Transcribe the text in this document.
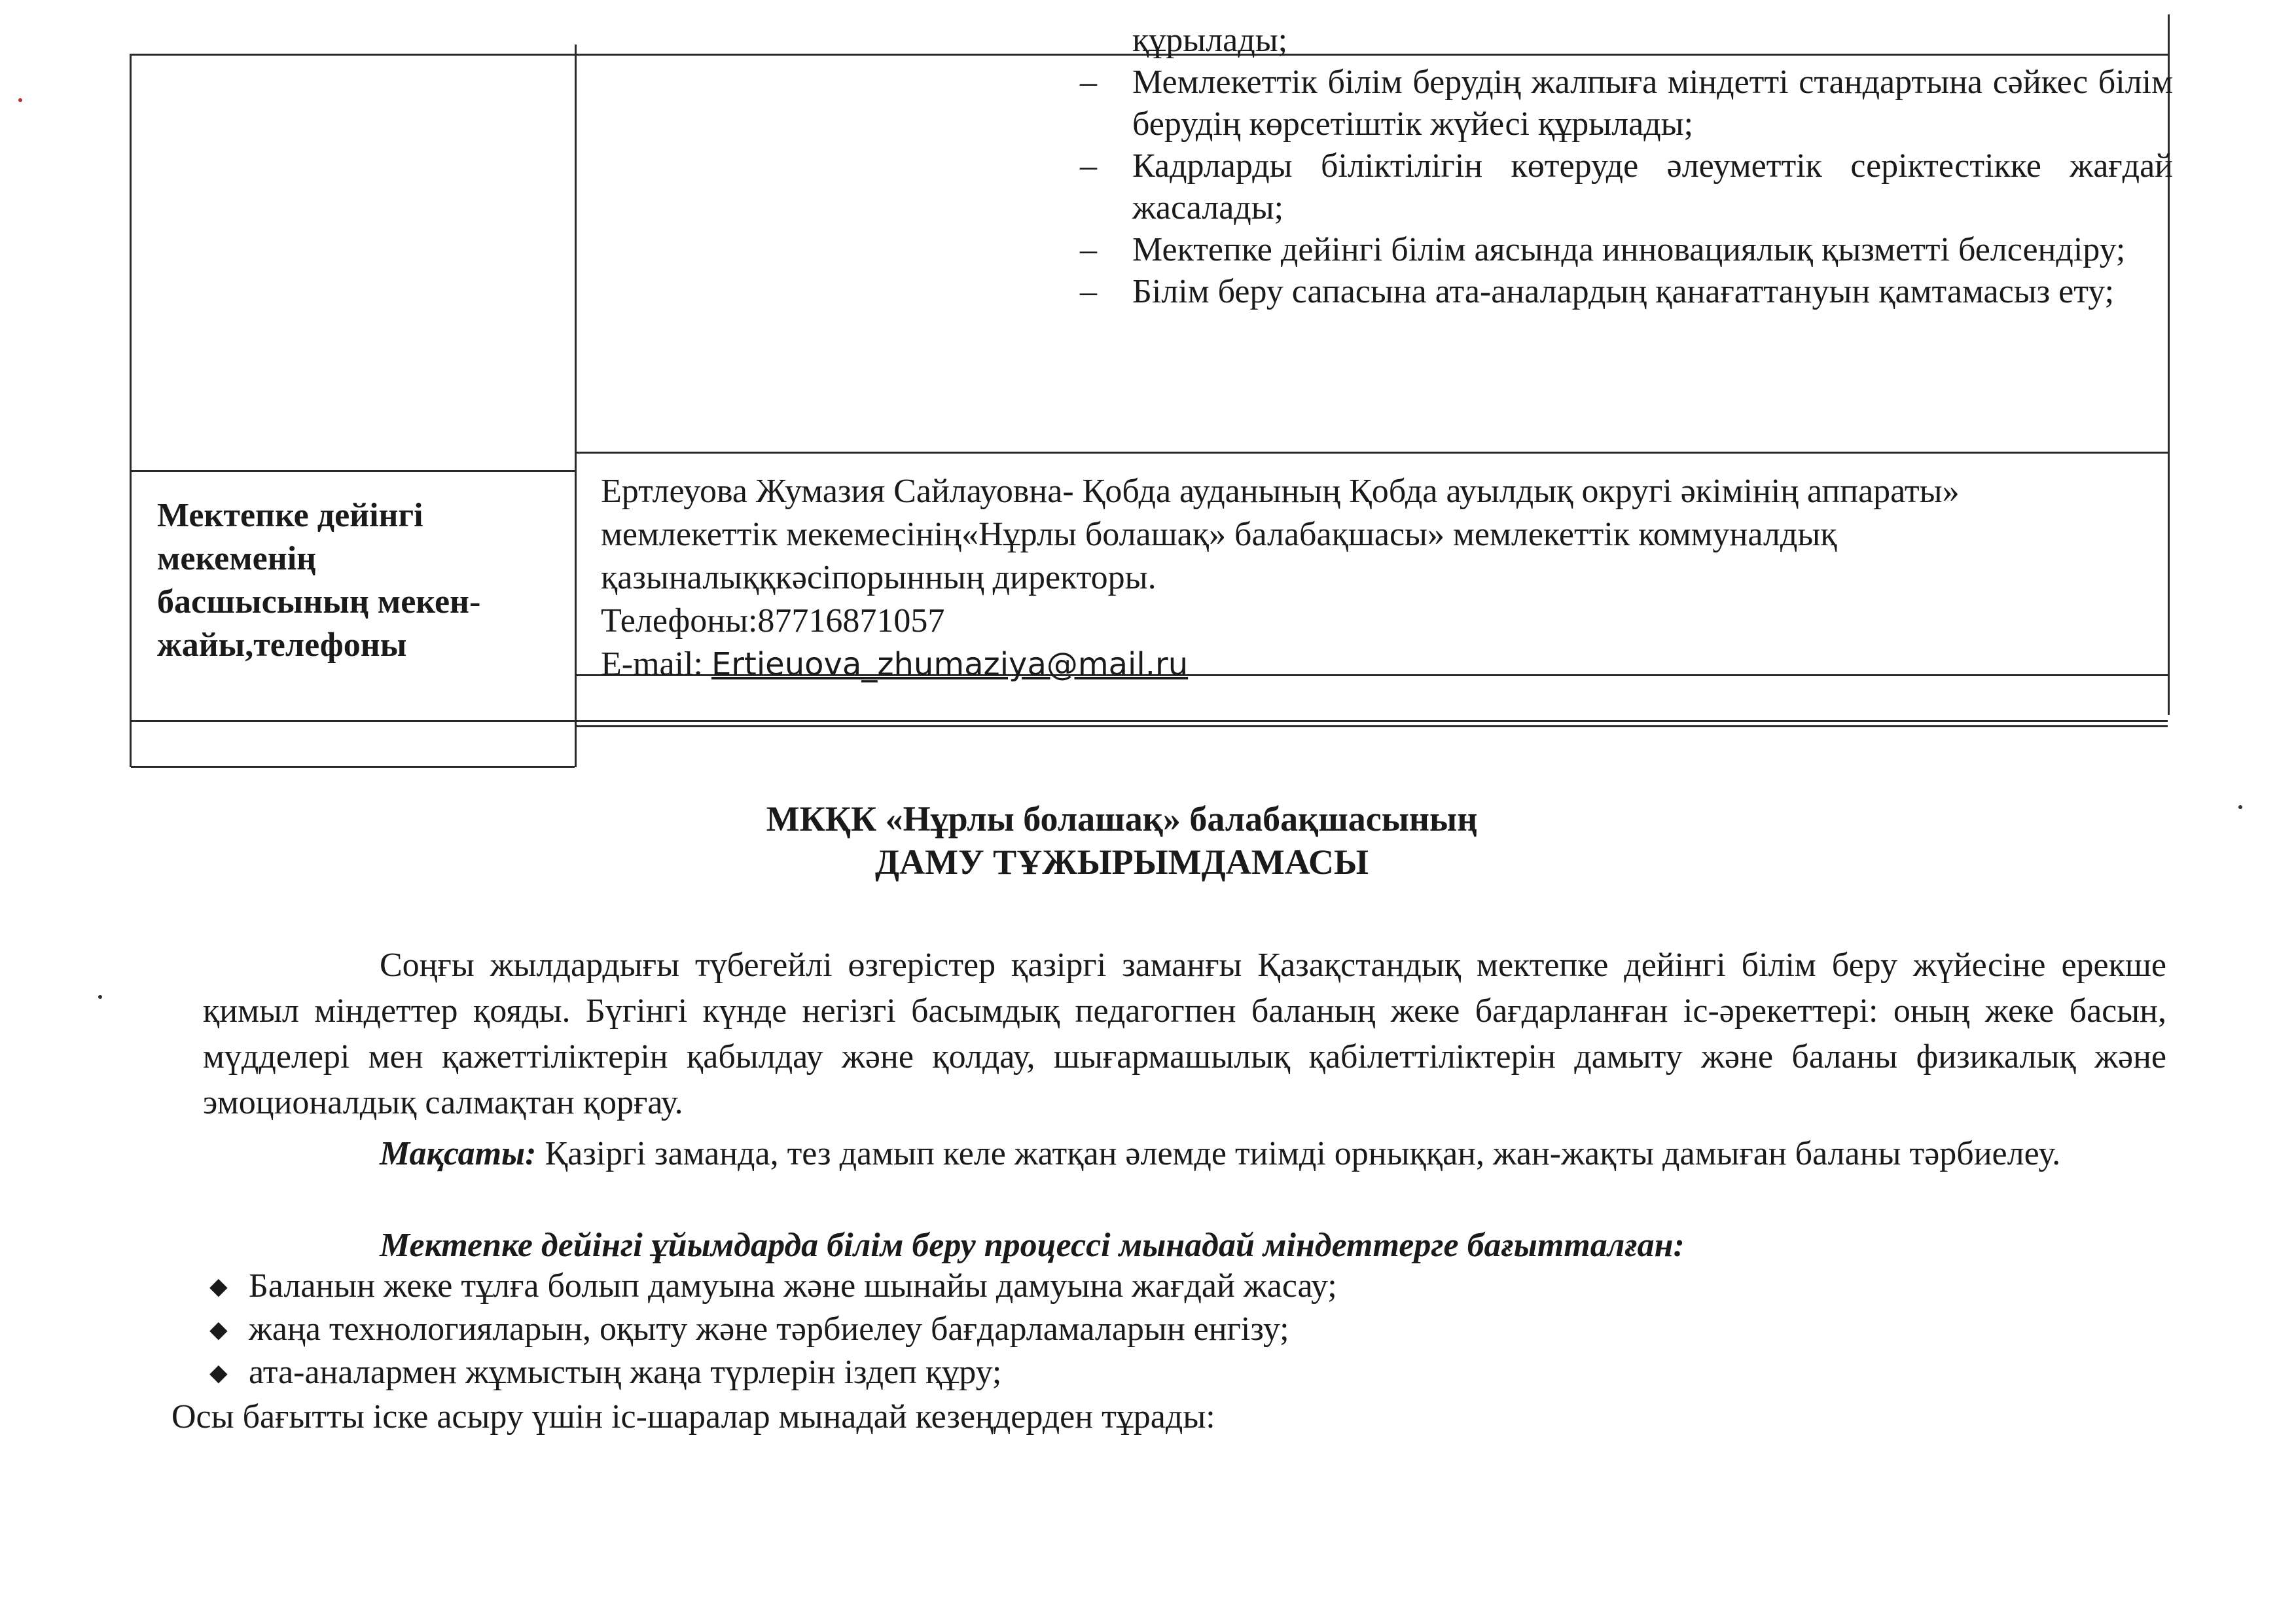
құрылады;
– Мемлекеттік білім берудің жалпыға міндетті стандартына сәйкес білім берудің көрсетіштік жүйесі құрылады;
– Кадрларды біліктілігін көтеруде әлеуметтік серіктестікке жағдай жасалады;
– Мектепке дейінгі білім аясында инновациялық қызметті белсендіру;
– Білім беру сапасына ата-аналардың қанағаттануын қамтамасыз ету;
Мектепке дейінгі
мекеменің
басшысының мекен-
жайы,телефоны
Ертлеуова Жумазия Сайлауовна- Қобда ауданының Қобда ауылдық округі әкімінің аппараты»
мемлекеттік мекемесінің«Нұрлы болашақ» балабақшасы» мемлекеттік коммуналдық
қазыналыққкәсіпорынның директоры.
Телефоны:87716871057
E-mail: Ertieuova_zhumaziya@mail.ru
МКҚК «Нұрлы болашақ» балабақшасының
ДАМУ ТҰЖЫРЫМДАМАСЫ
Соңғы жылдардығы түбегейлі өзгерістер қазіргі заманғы Қазақстандық мектепке дейінгі білім беру жүйесіне ерекше қимыл міндеттер қояды. Бүгінгі күнде негізгі басымдық педагогпен баланың жеке бағдарланған іс-әрекеттері: оның жеке басын, мүдделері мен қажеттіліктерін қабылдау және қолдау, шығармашылық қабілеттіліктерін дамыту және баланы физикалық және эмоционалдық салмақтан қорғау.
Мақсаты: Қазіргі заманда, тез дамып келе жатқан әлемде тиімді орныққан, жан-жақты дамыған баланы тәрбиелеу.
Мектепке дейінгі ұйымдарда білім беру процессі мынадай міндеттерге бағытталған:
◆ Баланын жеке тұлға болып дамуына және шынайы дамуына жағдай жасау;
◆ жаңа технологияларын, оқыту және тәрбиелеу бағдарламаларын енгізу;
◆ ата-аналармен жұмыстың жаңа түрлерін іздеп құру;
Осы бағытты іске асыру үшін іс-шаралар мынадай кезеңдерден тұрады:
